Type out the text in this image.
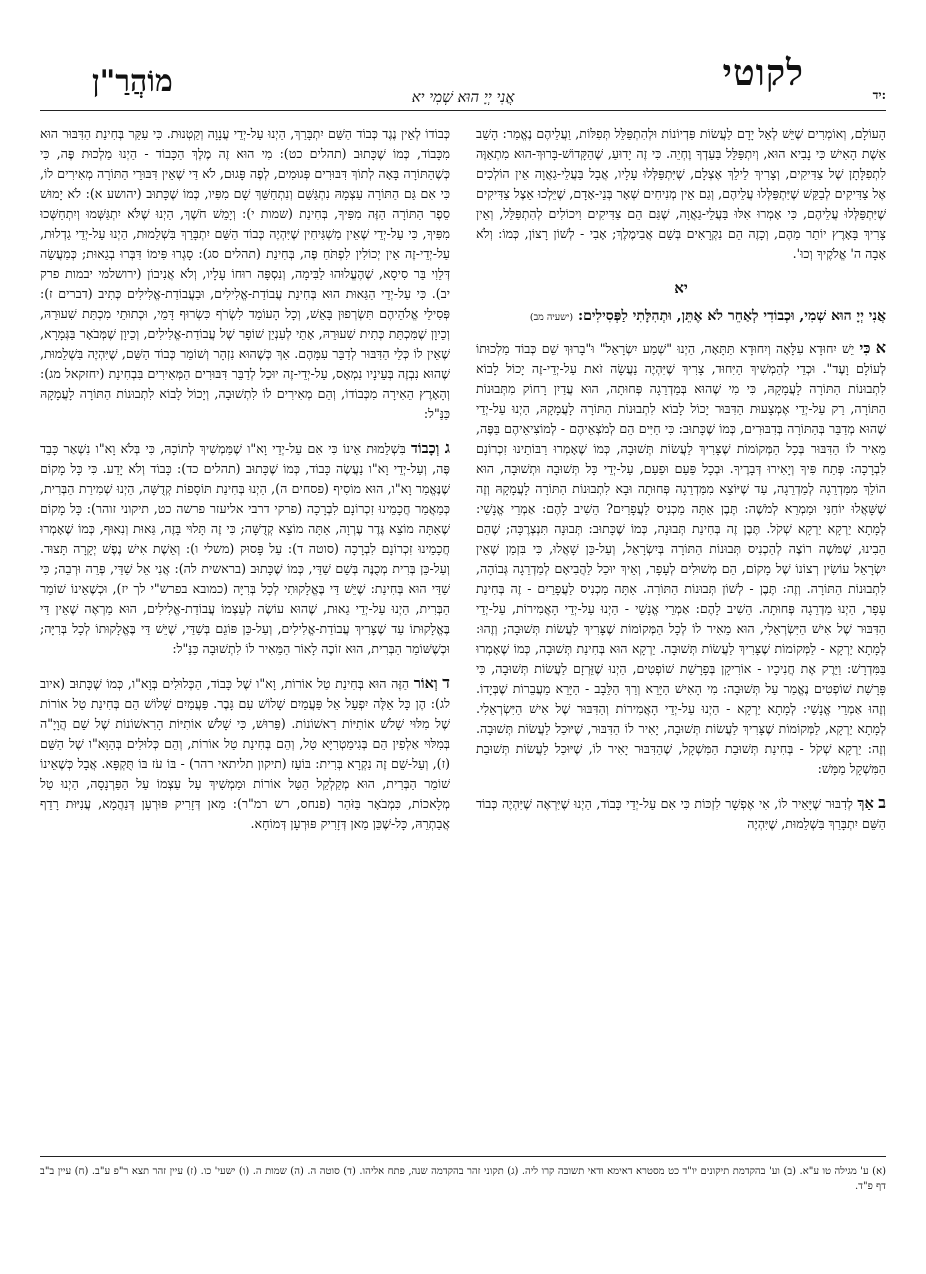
לקוטי
יד:
אֲנִי יְיָ הוּא שְׁמִי יא
מוֹהֲרַ"ן

הָעוֹלָם, וְאוֹמְרִים שֶׁיֵּשׁ לְאֵל יָדָם לַעֲשׂוֹת פִּדְיוֹנוֹת וּלְהִתְפַּלֵּל תְּפִלּוֹת, וַעֲלֵיהֶם נֶאֱמַר: הָשֵׁב אֵשֶׁת הָאִישׁ כִּי נָבִיא הוּא, וְיִתְפַּלֵּל בַּעַדְךָ וֶחְיֵה. כִּי זֶה יָדוּעַ, שֶׁהַקָּדוֹשׁ-בָּרוּךְ-הוּא מִתְאַוֶּה לִתְפִלָּתָן שֶׁל צַדִּיקִים, וְצָרִיךְ לֵילֵךְ אֶצְלָם, שֶׁיִּתְפַּלְּלוּ עָלָיו, אֲבָל בַּעֲלֵי-גַאֲוָה אֵין הוֹלְכִים אֶל צַדִּיקִים לְבַקֵּשׁ שֶׁיִּתְפַּלְּלוּ עֲלֵיהֶם, וְגַם אֵין מְנִיחִים שְׁאָר בְּנֵי-אָדָם, שֶׁיֵּלְכוּ אֵצֶל צַדִּיקִים שֶׁיִּתְפַּלְּלוּ עֲלֵיהֶם, כִּי אָמְרוּ אִלּוּ בַּעֲלֵי-גַאֲוָה, שֶׁגַּם הֵם צַדִּיקִים וִיכוֹלִים לְהִתְפַּלֵּל, וְאֵין צָרִיךְ בָּאָרֶץ יוֹתֵר מֵהֶם, וְכָזֶה הֵם נִקְרָאִים בְּשֵׁם אֲבִימֶלֶךְ; אָבִי - לְשׁוֹן רָצוֹן, כְּמוֹ: וְלֹא אָבָה ה' אֱלֹקֶיךָ וְכוּ'.

יא
אֲנִי יְיָ הוּא שְׁמִי, וּכְבוֹדִי לְאַחֵר לֹא אֶתֵּן, וּתְהִלָּתִי לַפְּסִילִים: (ישעיה מב)

א כִּי יֵשׁ יִחוּדָא עִלָּאָה וְיִחוּדָא תַּתָּאָה, הַיְנוּ "שְׁמַע יִשְׂרָאֵל" וּ"בָרוּךְ שֵׁם כְּבוֹד מַלְכוּתוֹ לְעוֹלָם וָעֶד". וּכְדֵי לְהַמְשִׁיךְ הַיִּחוּד, צָרִיךְ שֶׁיִּהְיֶה נַעֲשָׂה זֹאת עַל-יְדֵי-זֶה יָכוֹל לָבוֹא לִתְבוּנוֹת הַתּוֹרָה לָעֲמָקָהּ, כִּי מִי שֶׁהוּא בְּמַדְרֵגָה פְּחוּתָה, הוּא עֲדַיִן רָחוֹק מִתְּבוּנוֹת הַתּוֹרָה, רַק עַל-יְדֵי אֶמְצָעוּת הַדִּבּוּר יָכוֹל לָבוֹא לִתְבוּנוֹת הַתּוֹרָה לָעֲמָקָהּ, הַיְנוּ עַל-יְדֵי שֶׁהוּא מְדַבֵּר בְּהַתּוֹרָה בְּדִבּוּרִים, כְּמוֹ שֶׁכָּתוּב: כִּי חַיִּים הֵם לְמֹצְאֵיהֶם - לְמוֹצִיאֵיהֶם בַּפֶּה, מֵאִיר לוֹ הַדִּבּוּר בְּכָל הַמְּקוֹמוֹת שֶׁצָּרִיךְ לַעֲשׂוֹת תְּשׁוּבָה, כְּמוֹ שֶׁאָמְרוּ רַבּוֹתֵינוּ זִכְרוֹנָם לִבְרָכָה: פְּתַח פִּיךָ וְיָאִירוּ דְּבָרֶיךָ. וּבְכָל פַּעַם וּפַעַם, עַל-יְדֵי כָּל תְּשׁוּבָה וּתְשׁוּבָה, הוּא הוֹלֵךְ מִמַּדְרֵגָה לְמַדְרֵגָה, עַד שֶׁיּוֹצֵא מִמַּדְרֵגָה פְּחוּתָה וּבָא לִתְבוּנוֹת הַתּוֹרָה לָעֲמָקָהּ וְזֶה שֶׁשָּׁאֲלוּ יוֹחַנִּי וּמַמְרֵא לְמֹשֶׁה: תֶּבֶן אַתָּה מַכְנִיס לַעֲפָרַיִם? הֵשִׁיב לָהֶם: אַמְרֵי אֱנָשֵׁי: לְמָתָא יַרְקָא יַרְקָא שְׁקֹל. תֶּבֶן זֶה בְּחִינַת תְּבוּנָה, כְּמוֹ שֶׁכָּתוּב: תְּבוּנָה תִּנְצְרֶכָּה; שֶׁהֵם הֵבִינוּ, שֶׁמֹּשֶׁה רוֹצֶה לְהַכְנִיס תְּבוּנוֹת הַתּוֹרָה בְּיִשְׂרָאֵל, וְעַל-כֵּן שָׁאֲלוּ, כִּי בִּזְמַן שֶׁאֵין יִשְׂרָאֵל עוֹשִׂין רְצוֹנוֹ שֶׁל מָקוֹם, הֵם מְשׁוּלִים לְעָפָר, וְאֵיךְ יוּכַל לַהֲבִיאָם לְמַדְרֵגָה גְּבוֹהָה, לִתְבוּנוֹת הַתּוֹרָה. וְזֶה: תֶּבֶן - לְשׁוֹן תְּבוּנוֹת הַתּוֹרָה. אַתָּה מַכְנִיס לַעֲפָרַיִם - זֶה בְּחִינַת עָפָר, הַיְנוּ מַדְרֵגָה פְּחוּתָה. הֵשִׁיב לָהֶם: אַמְרֵי אֱנָשֵׁי - הַיְנוּ עַל-יְדֵי הָאֲמִירוֹת, עַל-יְדֵי הַדִּבּוּר שֶׁל אִישׁ הַיִּשְׂרְאֵלִי, הוּא מֵאִיר לוֹ לְכָל הַמְּקוֹמוֹת שֶׁצָּרִיךְ לַעֲשׂוֹת תְּשׁוּבָה; וְזֶהוּ: לְמָתָא יַרְקָא - לַמְּקוֹמוֹת שֶׁצָּרִיךְ לַעֲשׂוֹת תְּשׁוּבָה. יַרְקָא הוּא בְּחִינַת תְּשׁוּבָה, כְּמוֹ שֶׁאָמְרוּ בַּמִּדְרָשׁ: וַיֵּרֶק אֶת חֲנִיכָיו - אוֹרִיקָן בְּפָרָשַׁת שׁוֹפְטִים, הַיְנוּ שֶׁזֵּרְזָם לַעֲשׂוֹת תְּשׁוּבָה, כִּי פָּרָשַׁת שׁוֹפְטִים נֶאֱמַר עַל תְּשׁוּבָה: מִי הָאִישׁ הַיָּרֵא וְרַךְ הַלֵּבָב - הַיָּרֵא מֵעֲבֵרוֹת שֶׁבְּיָדוֹ. וְזֶהוּ אַמְרֵי אֱנָשֵׁי: לְמָתָא יַרְקָא - הַיְנוּ עַל-יְדֵי הָאֲמִירוֹת וְהַדִּבּוּר שֶׁל אִישׁ הַיִּשְׂרְאֵלִי. לְמָתָא יַרְקָא, לַמְּקוֹמוֹת שֶׁצָּרִיךְ לַעֲשׂוֹת תְּשׁוּבָה, יָאִיר לוֹ הַדִּבּוּר, שֶׁיּוּכַל לַעֲשׂוֹת תְּשׁוּבָה. וְזֶה: יַרְקָא שְׁקֹל - בְּחִינַת תְּשׁוּבַת הַמִּשְׁקָל, שֶׁהַדִּבּוּר יָאִיר לוֹ, שֶׁיּוּכַל לַעֲשׂוֹת תְּשׁוּבַת הַמִּשְׁקָל מַמָּשׁ:

ב אַךְ לְדִבּוּר שֶׁיָּאִיר לוֹ, אִי אֶפְשָׁר לִזְכּוֹת כִּי אִם עַל-יְדֵי כָּבוֹד, הַיְנוּ שֶׁיִּרְאֶה שֶׁיִּהְיֶה כְּבוֹד הַשֵּׁם יִתְבָּרַךְ בִּשְׁלֵמוּת, שֶׁיִּהְיֶה

כְּבוֹדוֹ לְאֵין נֶגֶד כְּבוֹד הַשֵּׁם יִתְבָּרַךְ, הַיְנוּ עַל-יְדֵי עֲנָוָה וְקַטְנוּת. כִּי עִקַּר בְּחִינַת הַדִּבּוּר הוּא מִכָּבוֹד, כְּמוֹ שֶׁכָּתוּב (תהלים כט): מִי הוּא זֶה מֶלֶךְ הַכָּבוֹד - הַיְנוּ מַלְכוּת פֶּה, כִּי כְּשֶׁהַתּוֹרָה בָּאָה לְתוֹךְ דִּבּוּרִים פְּגוּמִים, לְפֶה פָּגוּם, לֹא דַּי שֶׁאֵין דִּבּוּרֵי הַתּוֹרָה מְאִירִים לוֹ, כִּי אִם גַּם הַתּוֹרָה עַצְמָהּ נִתְגַּשֵּׁם וְנִתְחַשֵּׁךְ שָׁם מִפִּיו, כְּמוֹ שֶׁכָּתוּב (יהושע א): לֹא יָמוּשׁ סֵפֶר הַתּוֹרָה הַזֶּה מִפִּיךָ, בְּחִינַת (שמות י): וְיָמֵשׁ חֹשֶׁךְ, הַיְנוּ שֶׁלֹּא יִתְגַּשְּׁמוּ וְיִתְחַשְּׁכוּ מִפִּיךָ, כִּי עַל-יְדֵי שֶׁאֵין מַשְׁגִּיחִין שֶׁיִּהְיֶה כְּבוֹד הַשֵּׁם יִתְבָּרַךְ בִּשְׁלֵמוּת, הַיְנוּ עַל-יְדֵי גַדְלוּת, עַל-יְדֵי-זֶה אֵין יְכוֹלִין לִפְתֹּחַ פֶּה, בְּחִינַת (תהלים סג): סָגְרוּ פִּימוֹ דִּבְּרוּ בְגֵאוּת; כְּמַעֲשֵׂה דְּלֵוִי בַּר סִיסָא, שֶׁהֶעֱלוּהוּ לַבִּימָה, וְנִסְפָּה רוּחוֹ עָלָיו, וְלֹא אֲנִיבוֹן (ירושלמי יבמות פרק יב). כִּי עַל-יְדֵי הַגַּאוּת הוּא בְּחִינַת עֲבוֹדַת-אֱלִילִים, וּבַעֲבוֹדַת-אֱלִילִים כְּתִיב (דברים ז): פְּסִילֵי אֱלֹהֵיהֶם תִּשְׂרְפוּן בָּאֵשׁ, וְכָל הָעוֹמֵד לִשְׂרֹף כִּשְׂרוּף דָּמֵי, וּכְתוּתֵי מִכְתַּת שִׁעוּרֵהּ, וְכֵיוָן שֶׁמִּכְתַּת כְּתִית שִׁעוּרֵהּ, אָתֵי לְעִנְיַן שׁוֹפָר שֶׁל עֲבוֹדַת-אֱלִילִים, וְכֵיוָן שֶׁמְּבֹאָר בַּגְּמָרָא, שֶׁאֵין לוֹ כְּלֵי הַדִּבּוּר לְדַבֵּר עִמָּהֶם. אַךְ כְּשֶׁהוּא נִזְהָר וְשׁוֹמֵר כְּבוֹד הַשֵּׁם, שֶׁיִּהְיֶה בִּשְׁלֵמוּת, שֶׁהוּא נִבְזֶה בְּעֵינָיו נִמְאָס, עַל-יְדֵי-זֶה יוּכַל לְדַבֵּר דִּבּוּרִים הַמְּאִירִים בִּבְחִינַת (יחזקאל מג): וְהָאָרֶץ הֵאִירָה מִכְּבוֹדוֹ, וְהֵם מְאִירִים לוֹ לִתְשׁוּבָה, וְיָכוֹל לָבוֹא לִתְבוּנוֹת הַתּוֹרָה לָעֲמָקָהּ כַּנַּ"ל:

ג וְכָבוֹד בִּשְׁלֵמוּת אֵינוֹ כִּי אִם עַל-יְדֵי וָא"ו שֶׁמַּמְשִׁיךְ לְתוֹכָהּ, כִּי בְּלֹא וָא"ו נִשְׁאַר כָּבֵד פֶּה, וְעַל-יְדֵי וָא"ו נַעֲשֶׂה כָּבוֹד, כְּמוֹ שֶׁכָּתוּב (תהלים כד): כָּבוֹד וְלֹא יָדַע. כִּי כָּל מָקוֹם שֶׁנֶּאֱמַר וָא"ו, הוּא מוֹסִיף (פסחים ה), הַיְנוּ בְּחִינַת תּוֹסָפוֹת קְדֻשָּׁה, הַיְנוּ שְׁמִירַת הַבְּרִית, כְּמַאֲמַר חֲכָמֵינוּ זִכְרוֹנָם לִבְרָכָה (פרקי דרבי אליעזר פרשה כט, תיקוני זוהר): כָּל מָקוֹם שֶׁאַתָּה מוֹצֵא גֶּדֶר עֶרְוָה, אַתָּה מוֹצֵא קְדֻשָּׁה; כִּי זֶה תָּלוּי בָּזֶה, גַּאוּת וְנִאוּף, כְּמוֹ שֶׁאָמְרוּ חֲכָמֵינוּ זִכְרוֹנָם לִבְרָכָה (סוטה ד): עַל פָּסוּק (משלי ו): וְאֵשֶׁת אִישׁ נֶפֶשׁ יְקָרָה תָּצוּד. וְעַל-כֵּן בְּרִית מְכֻנֶּה בְּשֵׁם שַׁדַּי, כְּמוֹ שֶׁכָּתוּב (בראשית לה): אֲנִי אֵל שַׁדַּי, פְּרֵה וּרְבֵה; כִּי שַׁדַּי הוּא בְּחִינַת: שֶׁיֵּשׁ דַּי בֶּאֱלָקוּתִי לְכָל בְּרִיָּה (כמובא בפרש"י לך יז), וּכְשֶׁאֵינוֹ שׁוֹמֵר הַבְּרִית, הַיְנוּ עַל-יְדֵי גַאוּת, שֶׁהוּא עוֹשֶׂה לְעַצְמוֹ עֲבוֹדַת-אֱלִילִים, הוּא מַרְאֶה שֶׁאֵין דַּי בֶּאֱלָקוּתוֹ עַד שֶׁצָּרִיךְ עֲבוֹדַת-אֱלִילִים, וְעַל-כֵּן פּוֹגֵם בְּשַׁדַּי, שֶׁיֵּשׁ דַּי בֶּאֱלָקוּתוֹ לְכָל בְּרִיָּה; וּכְשֶׁשּׁוֹמֵר הַבְּרִית, הוּא זוֹכֶה לָאוֹר הַמֵּאִיר לוֹ לִתְשׁוּבָה כַּנַּ"ל:

ד וְאוֹר הַזֶּה הוּא בְּחִינַת טַל אוֹרוֹת, וָא"ו שֶׁל כָּבוֹד, הַכְּלוּלִים בְּוָא"ו, כְּמוֹ שֶׁכָּתוּב (איוב לג): הֶן כָּל אֵלֶּה יִפְעַל אֵל פַּעֲמַיִם שָׁלוֹשׁ עִם גָּבֶר. פַּעֲמַיִם שָׁלוֹשׁ הֵם בְּחִינַת טַל אוֹרוֹת שֶׁל מִלּוּי שָׁלֹשׁ אוֹתִיּוֹת רִאשׁוֹנוֹת. (פֵּרוּשׁ, כִּי שָׁלֹשׁ אוֹתִיּוֹת הָרִאשׁוֹנוֹת שֶׁל שֵׁם הֲוָיָ"ה בְּמִלּוּי אַלְפִין הֵם בְּגִימַטְרִיָּא טַל, וְהֵם בְּחִינַת טַל אוֹרוֹת, וְהֵם כְּלוּלִים בְּהַוָּא"ו שֶׁל הַשֵּׁם (ז), וְעַל-שֵׁם זֶה נִקְרָא בְּרִית: בּוֹעַז (תיקון תליתאי רהר) - בּוֹ עֹז בּוֹ תֻּקְפָּא. אֲבָל כְּשֶׁאֵינוֹ שׁוֹמֵר הַבְּרִית, הוּא מְקַלְקֵל הַטַּל אוֹרוֹת וּמַמְשִׁיךְ עַל עַצְמוֹ עַל הַפַּרְנָסָה, הַיְנוּ טַל מְלָאכוֹת, כִּמְבֹאָר בַּזֹּהַר (פנחס, רש רמ"ר): מַאן דְּזָרִיק פּוּרְעָן דְּנַהֲמָא, עֲנִיּוּת רָדֵף אֲבַתְרֵהּ, כָּל-שֶׁכֵּן מַאן דְּזָרִיק פּוּרְעָן דְּמוֹחָא.

(א) ע' מגילה טו ע"א. (ב) וע' בהקדמת תיקונים יו"ד כט מסטרא דאימא ודאי תשובה קרו ליה. (ג) תקוני זהר בהקדמה שנה, פתח אליהו. (ד) סוטה ה. (ה) שמות ה. (ו) ישעי' כו. (ז) עיין זהר תצא ר"פ ע"ב. (ח) עיין ב"ב דף פ"ד.
